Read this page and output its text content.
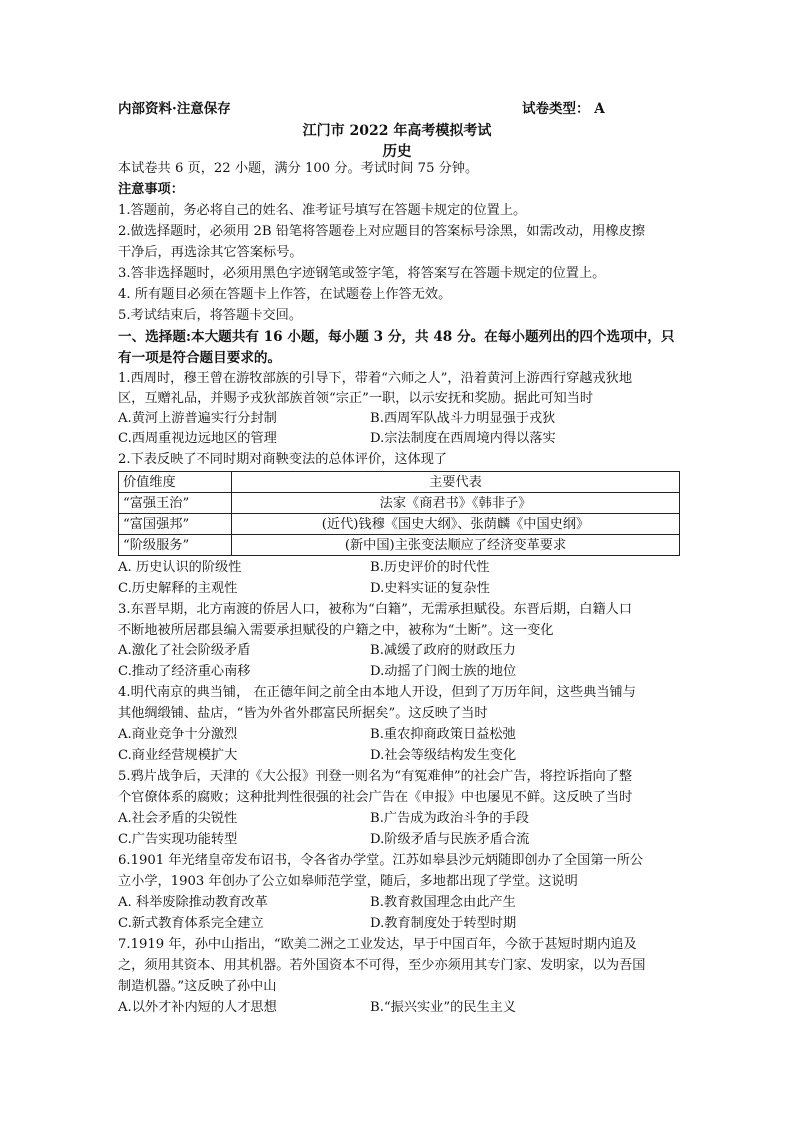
内部资料·注意保存	试卷类型： A
江门市 2022 年高考模拟考试
历史
本试卷共 6 页，22 小题，满分 100 分。考试时间 75 分钟。
注意事项：
1.答题前，务必将自己的姓名、准考证号填写在答题卡规定的位置上。
2.做选择题时，必须用 2B 铅笔将答题卷上对应题目的答案标号涂黑，如需改动，用橡皮擦
干净后，再选涂其它答案标号。
3.答非选择题时，必须用黑色字迹钢笔或签字笔，将答案写在答题卡规定的位置上。
4. 所有题目必须在答题卡上作答，在试题卷上作答无效。
5.考试结束后，将答题卡交回。
一、选择题:本大题共有 16 小题，每小题 3 分，共 48 分。在每小题列出的四个选项中，只
有一项是符合题目要求的。
1.西周时，穆王曾在游牧部族的引导下，带着“六师之人”，沿着黄河上游西行穿越戎狄地
区，互赠礼品，并赐予戎狄部族首领“宗正”一职，以示安抚和奖励。据此可知当时
A.黄河上游普遍实行分封制	B.西周军队战斗力明显强于戎狄
C.西周重视边远地区的管理	D.宗法制度在西周境内得以落实
2.下表反映了不同时期对商鞅变法的总体评价，这体现了
价值维度	主要代表
“富强王治”	法家《商君书》《韩非子》
“富国强邦”	(近代)钱穆《国史大纲》、张荫麟《中国史纲》
“阶级服务”	(新中国)主张变法顺应了经济变革要求
A. 历史认识的阶级性	B.历史评价的时代性
C.历史解释的主观性	D.史料实证的复杂性
3.东晋早期，北方南渡的侨居人口，被称为“白籍”，无需承担赋役。东晋后期，白籍人口
不断地被所居郡县编入需要承担赋役的户籍之中，被称为“土断”。这一变化
A.激化了社会阶级矛盾	B.减缓了政府的财政压力
C.推动了经济重心南移	D.动摇了门阀士族的地位
4.明代南京的典当铺， 在正德年间之前全由本地人开设，但到了万历年间，这些典当铺与
其他绸缎铺、盐店，“皆为外省外郡富民所据矣”。这反映了当时
A.商业竞争十分激烈	B.重农抑商政策日益松弛
C.商业经营规模扩大	D.社会等级结构发生变化
5.鸦片战争后，天津的《大公报》刊登一则名为“有冤难伸”的社会广告，将控诉指向了整
个官僚体系的腐败；这种批判性很强的社会广告在《申报》中也屡见不鲜。这反映了当时
A.社会矛盾的尖锐性	B.广告成为政治斗争的手段
C.广告实现功能转型	D.阶级矛盾与民族矛盾合流
6.1901 年光绪皇帝发布诏书，令各省办学堂。江苏如皋县沙元炳随即创办了全国第一所公
立小学，1903 年创办了公立如皋师范学堂，随后，多地都出现了学堂。这说明
A. 科举废除推动教育改革	B.教育救国理念由此产生
C.新式教育体系完全建立	D.教育制度处于转型时期
7.1919 年，孙中山指出，“欧美二洲之工业发达，早于中国百年，今欲于甚短时期内追及
之，须用其资本、用其机器。若外国资本不可得，至少亦须用其专门家、发明家，以为吾国
制造机器。”这反映了孙中山
A.以外才补内短的人才思想	B.“振兴实业”的民生主义
